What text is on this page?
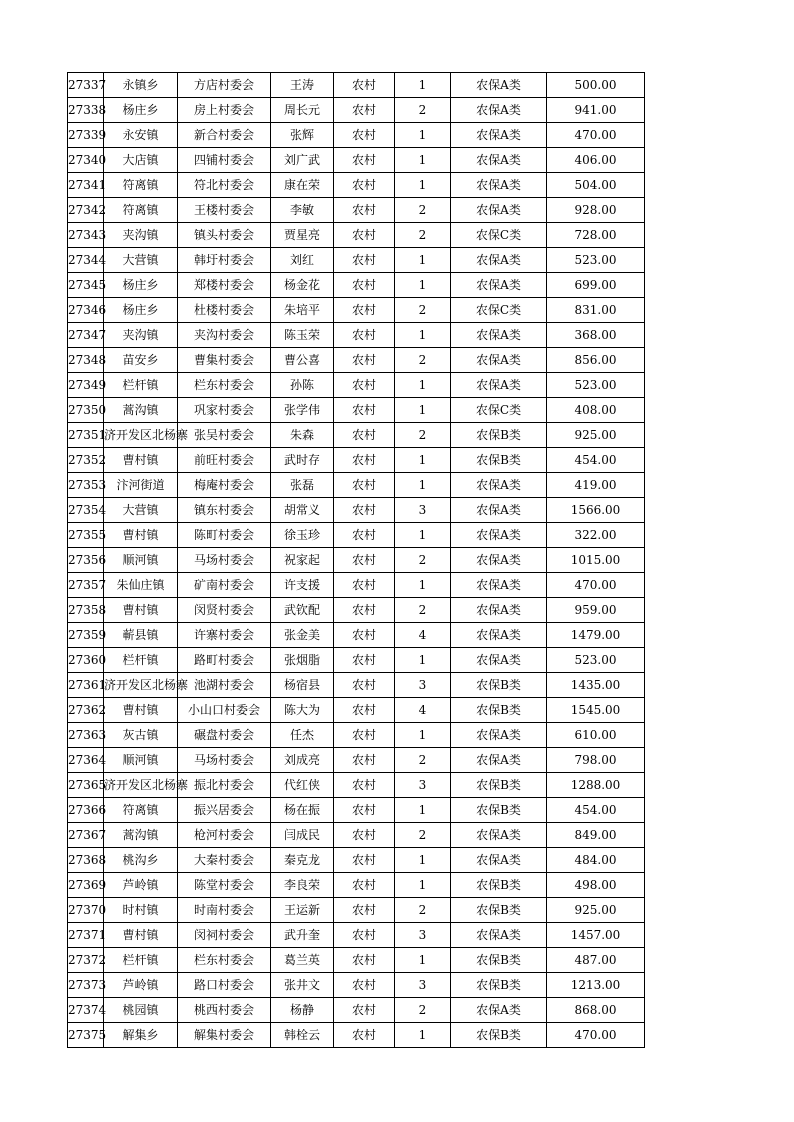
27337	永镇乡	方店村委会	王涛	农村	1	农保A类	500.00
27338	杨庄乡	房上村委会	周长元	农村	2	农保A类	941.00
27339	永安镇	新合村委会	张辉	农村	1	农保A类	470.00
27340	大店镇	四铺村委会	刘广武	农村	1	农保A类	406.00
27341	符离镇	符北村委会	康在荣	农村	1	农保A类	504.00
27342	符离镇	王楼村委会	李敏	农村	2	农保A类	928.00
27343	夹沟镇	镇头村委会	贾星亮	农村	2	农保C类	728.00
27344	大营镇	韩圩村委会	刘红	农村	1	农保A类	523.00
27345	杨庄乡	郑楼村委会	杨金花	农村	1	农保A类	699.00
27346	杨庄乡	杜楼村委会	朱培平	农村	2	农保C类	831.00
27347	夹沟镇	夹沟村委会	陈玉荣	农村	1	农保A类	368.00
27348	苗安乡	曹集村委会	曹公喜	农村	2	农保A类	856.00
27349	栏杆镇	栏东村委会	孙陈	农村	1	农保A类	523.00
27350	蒿沟镇	巩家村委会	张学伟	农村	1	农保C类	408.00
27351	济开发区北杨寨	张吴村委会	朱森	农村	2	农保B类	925.00
27352	曹村镇	前旺村委会	武时存	农村	1	农保B类	454.00
27353	汴河街道	梅庵村委会	张磊	农村	1	农保A类	419.00
27354	大营镇	镇东村委会	胡常义	农村	3	农保A类	1566.00
27355	曹村镇	陈町村委会	徐玉珍	农村	1	农保A类	322.00
27356	顺河镇	马场村委会	祝家起	农村	2	农保A类	1015.00
27357	朱仙庄镇	矿南村委会	许支援	农村	1	农保A类	470.00
27358	曹村镇	闵贤村委会	武钦配	农村	2	农保A类	959.00
27359	蕲县镇	许寨村委会	张金美	农村	4	农保A类	1479.00
27360	栏杆镇	路町村委会	张烟脂	农村	1	农保A类	523.00
27361	济开发区北杨寨	池湖村委会	杨宿县	农村	3	农保B类	1435.00
27362	曹村镇	小山口村委会	陈大为	农村	4	农保B类	1545.00
27363	灰古镇	碾盘村委会	任杰	农村	1	农保A类	610.00
27364	顺河镇	马场村委会	刘成亮	农村	2	农保A类	798.00
27365	济开发区北杨寨	振北村委会	代红侠	农村	3	农保B类	1288.00
27366	符离镇	振兴居委会	杨在振	农村	1	农保B类	454.00
27367	蒿沟镇	枪河村委会	闫成民	农村	2	农保A类	849.00
27368	桃沟乡	大秦村委会	秦克龙	农村	1	农保A类	484.00
27369	芦岭镇	陈堂村委会	李良荣	农村	1	农保B类	498.00
27370	时村镇	时南村委会	王运新	农村	2	农保B类	925.00
27371	曹村镇	闵祠村委会	武升奎	农村	3	农保A类	1457.00
27372	栏杆镇	栏东村委会	葛兰英	农村	1	农保B类	487.00
27373	芦岭镇	路口村委会	张井文	农村	3	农保B类	1213.00
27374	桃园镇	桃西村委会	杨静	农村	2	农保A类	868.00
27375	解集乡	解集村委会	韩栓云	农村	1	农保B类	470.00
